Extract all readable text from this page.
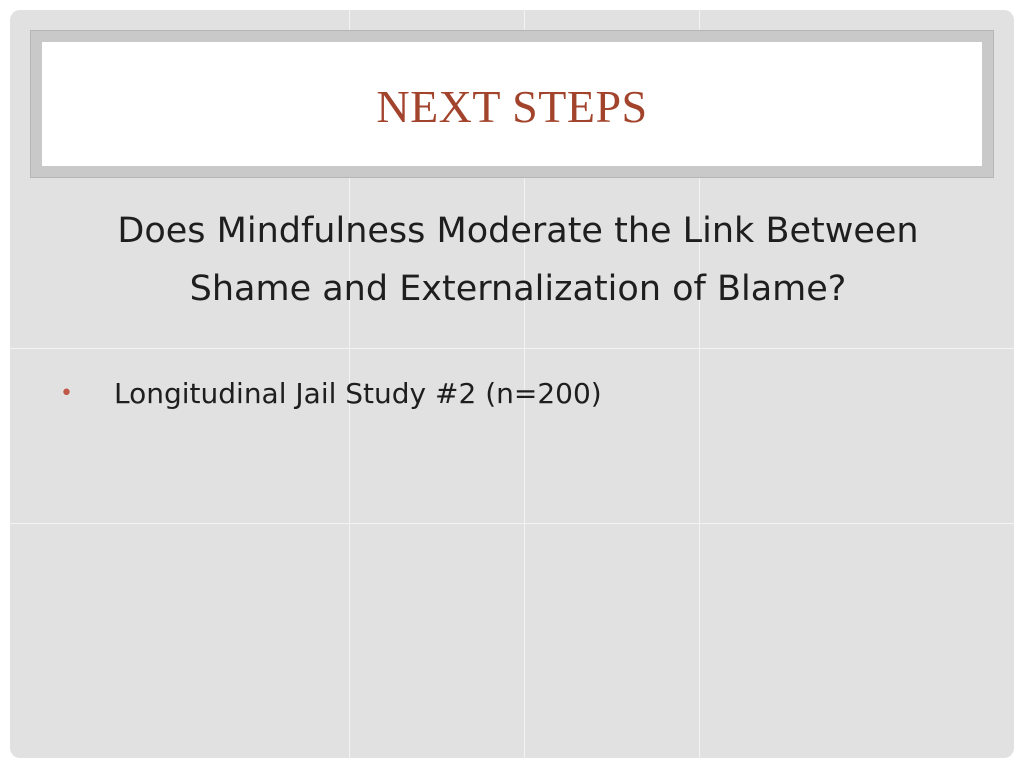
NEXT STEPS
Does Mindfulness Moderate the Link Between Shame and Externalization of Blame?
• Longitudinal Jail Study #2 (n=200)
